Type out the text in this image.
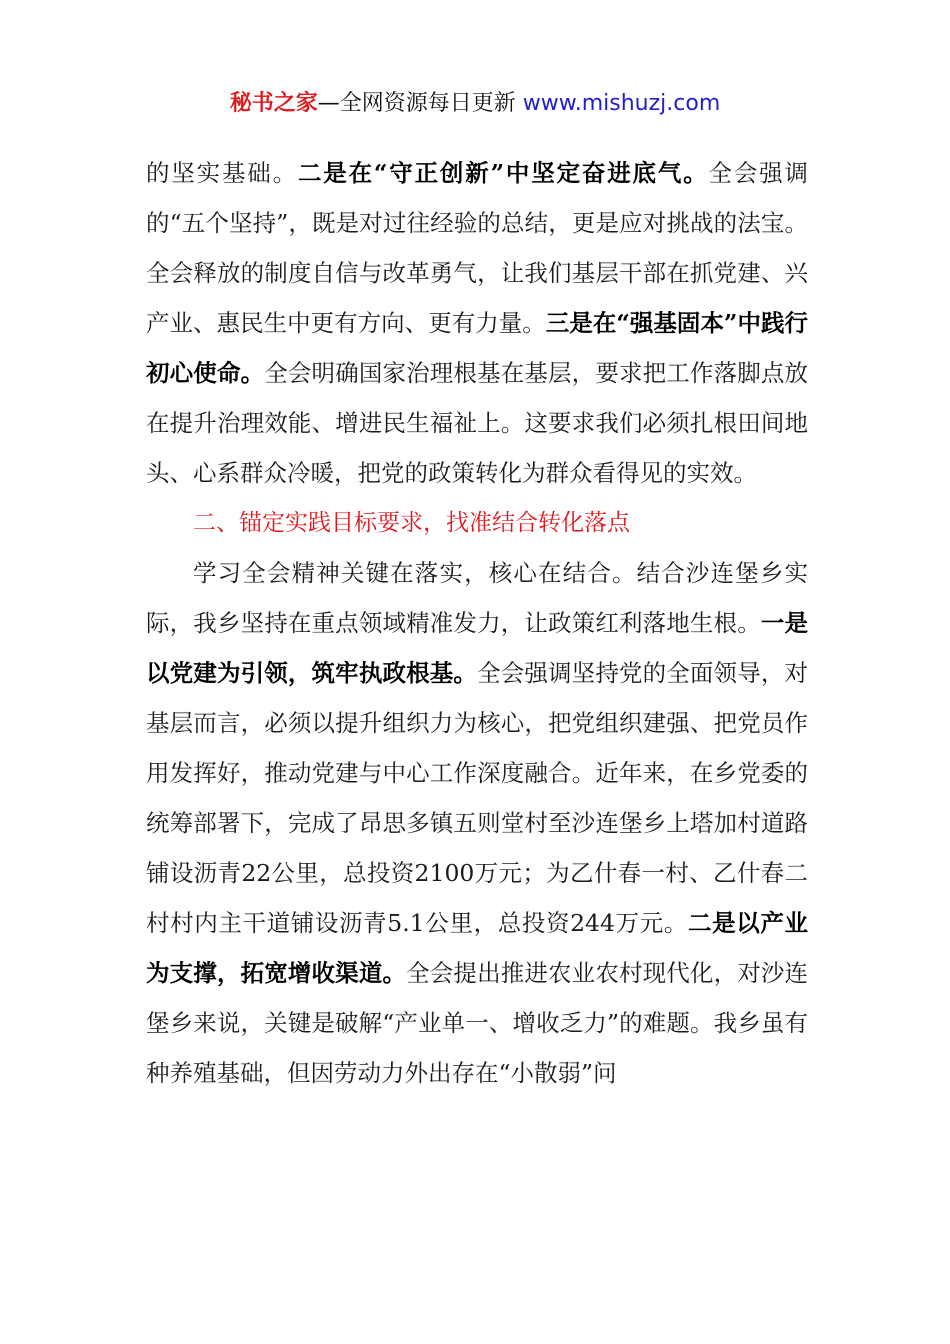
秘书之家—全网资源每日更新 www.mishuzj.com

的坚实基础。二是在“守正创新”中坚定奋进底气。全会强调的“五个坚持”，既是对过往经验的总结，更是应对挑战的法宝。全会释放的制度自信与改革勇气，让我们基层干部在抓党建、兴产业、惠民生中更有方向、更有力量。三是在“强基固本”中践行初心使命。全会明确国家治理根基在基层，要求把工作落脚点放在提升治理效能、增进民生福祉上。这要求我们必须扎根田间地头、心系群众冷暖，把党的政策转化为群众看得见的实效。

二、锚定实践目标要求，找准结合转化落点

学习全会精神关键在落实，核心在结合。结合沙连堡乡实际，我乡坚持在重点领域精准发力，让政策红利落地生根。一是以党建为引领，筑牢执政根基。全会强调坚持党的全面领导，对基层而言，必须以提升组织力为核心，把党组织建强、把党员作用发挥好，推动党建与中心工作深度融合。近年来，在乡党委的统筹部署下，完成了昂思多镇五则堂村至沙连堡乡上塔加村道路铺设沥青22公里，总投资2100万元；为乙什春一村、乙什春二村村内主干道铺设沥青5.1公里，总投资244万元。二是以产业为支撑，拓宽增收渠道。全会提出推进农业农村现代化，对沙连堡乡来说，关键是破解“产业单一、增收乏力”的难题。我乡虽有种养殖基础，但因劳动力外出存在“小散弱”问
